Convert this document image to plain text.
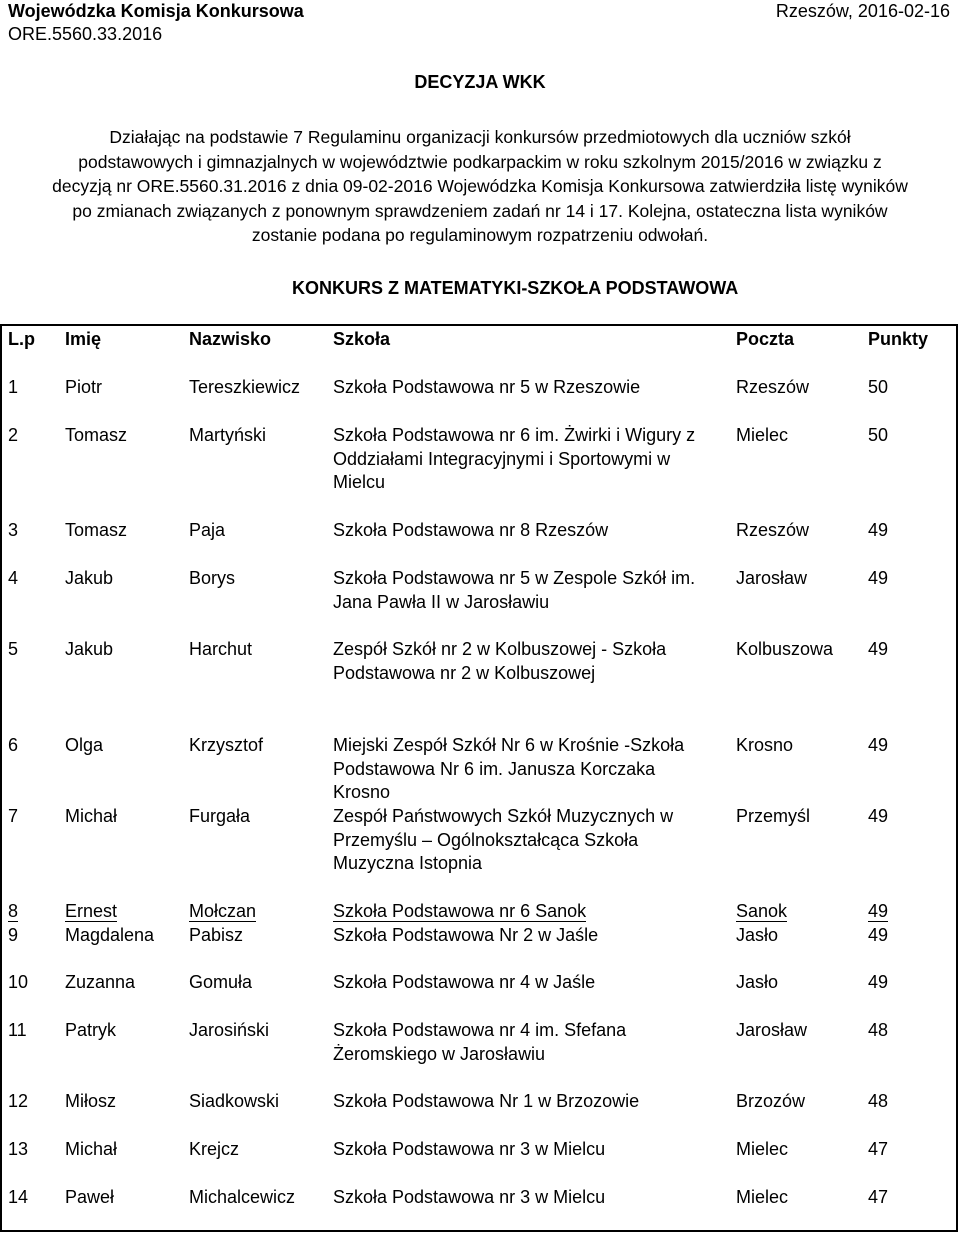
Wojewódzka Komisja Konkursowa
ORE.5560.33.2016
Rzeszów, 2016-02-16
DECYZJA WKK
Działając na podstawie 7 Regulaminu organizacji konkursów przedmiotowych dla uczniów szkół
podstawowych i gimnazjalnych w województwie podkarpackim w roku szkolnym 2015/2016 w związku z
decyzją nr ORE.5560.31.2016 z dnia 09-02-2016 Wojewódzka Komisja Konkursowa zatwierdziła listę wyników
po zmianach związanych z ponownym sprawdzeniem zadań nr 14 i 17. Kolejna, ostateczna lista wyników
zostanie podana po regulaminowym rozpatrzeniu odwołań.
KONKURS Z MATEMATYKI-SZKOŁA PODSTAWOWA
L.p	Imię	Nazwisko	Szkoła	Poczta	Punkty
1	Piotr	Tereszkiewicz	Szkoła Podstawowa nr 5 w Rzeszowie	Rzeszów	50
2	Tomasz	Martyński	Szkoła Podstawowa nr 6 im. Żwirki i Wigury z
Oddziałami Integracyjnymi i Sportowymi w
Mielcu
Mielec	50
3	Tomasz	Paja	Szkoła Podstawowa nr 8 Rzeszów	Rzeszów	49
4	Jakub	Borys	Szkoła Podstawowa nr 5 w Zespole Szkół im.
Jana Pawła II w Jarosławiu
Jarosław	49
5	Jakub	Harchut	Zespół Szkół nr 2 w Kolbuszowej - Szkoła
Podstawowa nr 2 w Kolbuszowej
Kolbuszowa	49
6	Olga	Krzysztof	Miejski Zespół Szkół Nr 6 w Krośnie -Szkoła
Podstawowa Nr 6 im. Janusza Korczaka
Krosno
Krosno	49
7	Michał	Furgała	Zespół Państwowych Szkół Muzycznych w
Przemyślu – Ogólnokształcąca Szkoła
Muzyczna Istopnia
Przemyśl	49
8	Ernest	Mołczan	Szkoła Podstawowa nr 6 Sanok	Sanok	49
9	Magdalena	Pabisz	Szkoła Podstawowa Nr 2 w Jaśle	Jasło	49
10	Zuzanna	Gomuła	Szkoła Podstawowa nr 4 w Jaśle	Jasło	49
11	Patryk	Jarosiński	Szkoła Podstawowa nr 4 im. Sfefana
Żeromskiego w Jarosławiu
Jarosław	48
12	Miłosz	Siadkowski	Szkoła Podstawowa Nr 1 w Brzozowie	Brzozów	48
13	Michał	Krejcz	Szkoła Podstawowa nr 3 w Mielcu	Mielec	47
14	Paweł	Michalcewicz	Szkoła Podstawowa nr 3 w Mielcu	Mielec	47
